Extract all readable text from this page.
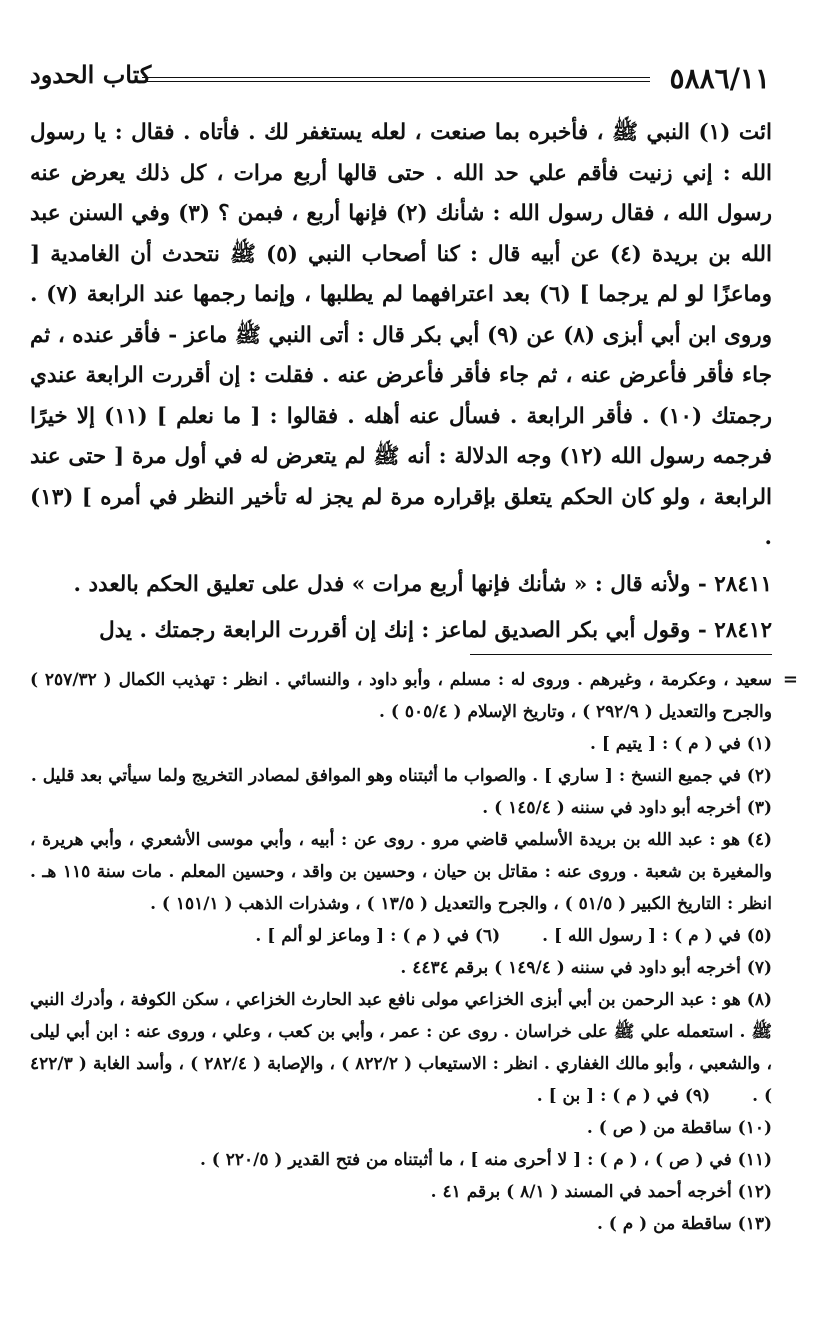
٥٨٨٦/١١
كتاب الحدود

ائت (١) النبي ﷺ ، فأخبره بما صنعت ، لعله يستغفر لك . فأتاه . فقال : يا رسول الله : إني زنيت فأقم علي حد الله . حتى قالها أربع مرات ، كل ذلك يعرض عنه رسول الله ، فقال رسول الله : شأنك (٢) فإنها أربع ، فبمن ؟ (٣) وفي السنن عبد الله بن بريدة (٤) عن أبيه قال : كنا أصحاب النبي (٥) ﷺ نتحدث أن الغامدية [ وماعزًا لو لم يرجما ] (٦) بعد اعترافهما لم يطلبها ، وإنما رجمها عند الرابعة (٧) . وروى ابن أبي أبزى (٨) عن (٩) أبي بكر قال : أتى النبي ﷺ ماعز - فأقر عنده ، ثم جاء فأقر فأعرض عنه ، ثم جاء فأقر فأعرض عنه . فقلت : إن أقررت الرابعة عندي رجمتك (١٠) . فأقر الرابعة . فسأل عنه أهله . فقالوا : [ ما نعلم ] (١١) إلا خيرًا فرجمه رسول الله (١٢) وجه الدلالة : أنه ﷺ لم يتعرض له في أول مرة [ حتى عند الرابعة ، ولو كان الحكم يتعلق بإقراره مرة لم يجز له تأخير النظر في أمره ] (١٣) .

٢٨٤١١ - ولأنه قال : « شأنك فإنها أربع مرات » فدل على تعليق الحكم بالعدد .

٢٨٤١٢ - وقول أبي بكر الصديق لماعز : إنك إن أقررت الرابعة رجمتك . يدل

=
سعيد ، وعكرمة ، وغيرهم . وروى له : مسلم ، وأبو داود ، والنسائي . انظر : تهذيب الكمال ( ٢٥٧/٣٢ ) والجرح والتعديل ( ٢٩٢/٩ ) ، وتاريخ الإسلام ( ٥٠٥/٤ ) .

(١) في ( م ) : [ يتيم ] .

(٢) في جميع النسخ : [ ساري ] . والصواب ما أثبتناه وهو الموافق لمصادر التخريج ولما سيأتي بعد قليل .

(٣) أخرجه أبو داود في سننه ( ١٤٥/٤ ) .

(٤) هو : عبد الله بن بريدة الأسلمي قاضي مرو . روى عن : أبيه ، وأبي موسى الأشعري ، وأبي هريرة ، والمغيرة بن شعبة . وروى عنه : مقاتل بن حيان ، وحسين بن واقد ، وحسين المعلم . مات سنة ١١٥ هـ . انظر : التاريخ الكبير ( ٥١/٥ ) ، والجرح والتعديل ( ١٣/٥ ) ، وشذرات الذهب ( ١٥١/١ ) .

(٥) في ( م ) : [ رسول الله ] .(٦) في ( م ) : [ وماعز لو ألم ] .

(٧) أخرجه أبو داود في سننه ( ١٤٩/٤ ) برقم ٤٤٣٤ .

(٨) هو : عبد الرحمن بن أبي أبزى الخزاعي مولى نافع عبد الحارث الخزاعي ، سكن الكوفة ، وأدرك النبي ﷺ . استعمله علي ﷺ على خراسان . روى عن : عمر ، وأبي بن كعب ، وعلي ، وروى عنه : ابن أبي ليلى ، والشعبي ، وأبو مالك الغفاري . انظر : الاستيعاب ( ٨٢٢/٢ ) ، والإصابة ( ٢٨٢/٤ ) ، وأسد الغابة ( ٤٢٢/٣ ) .(٩) في ( م ) : [ بن ] .

(١٠) ساقطة من ( ص ) .

(١١) في ( ص ) ، ( م ) : [ لا أحرى منه ] ، ما أثبتناه من فتح القدير ( ٢٢٠/٥ ) .

(١٢) أخرجه أحمد في المسند ( ٨/١ ) برقم ٤١ .

(١٣) ساقطة من ( م ) .
